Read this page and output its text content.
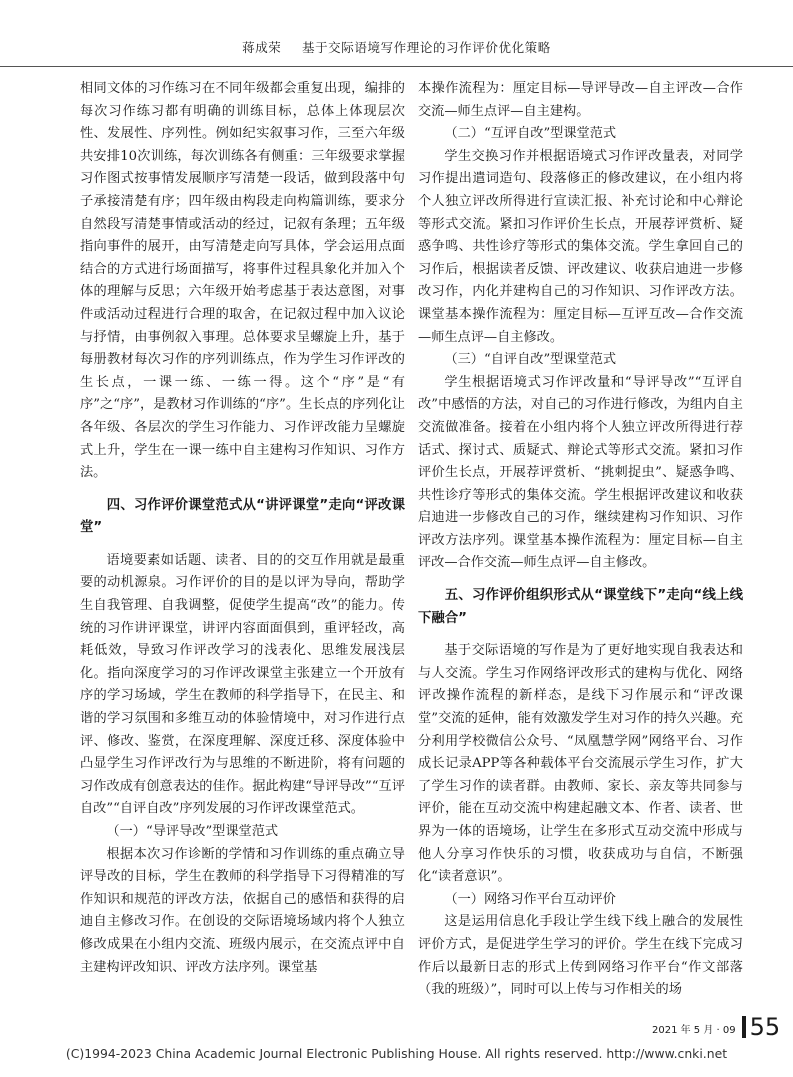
蒋成荣 基于交际语境写作理论的习作评价优化策略

相同文体的习作练习在不同年级都会重复出现，编排的每次习作练习都有明确的训练目标，总体上体现层次性、发展性、序列性。例如纪实叙事习作，三至六年级共安排10次训练，每次训练各有侧重：三年级要求掌握习作图式按事情发展顺序写清楚一段话，做到段落中句子承接清楚有序；四年级由构段走向构篇训练，要求分自然段写清楚事情或活动的经过，记叙有条理；五年级指向事件的展开，由写清楚走向写具体，学会运用点面结合的方式进行场面描写，将事件过程具象化并加入个体的理解与反思；六年级开始考虑基于表达意图，对事件或活动过程进行合理的取舍，在记叙过程中加入议论与抒情，由事例叙入事理。总体要求呈螺旋上升，基于每册教材每次习作的序列训练点，作为学生习作评改的生长点，一课一练、一练一得。这个“序”是“有序”之“序”，是教材习作训练的“序”。生长点的序列化让各年级、各层次的学生习作能力、习作评改能力呈螺旋式上升，学生在一课一练中自主建构习作知识、习作方法。

四、习作评价课堂范式从“讲评课堂”走向“评改课堂”

语境要素如话题、读者、目的的交互作用就是最重要的动机源泉。习作评价的目的是以评为导向，帮助学生自我管理、自我调整，促使学生提高“改”的能力。传统的习作讲评课堂，讲评内容面面俱到，重评轻改，高耗低效，导致习作评改学习的浅表化、思维发展浅层化。指向深度学习的习作评改课堂主张建立一个开放有序的学习场域，学生在教师的科学指导下，在民主、和谐的学习氛围和多维互动的体验情境中，对习作进行点评、修改、鉴赏，在深度理解、深度迁移、深度体验中凸显学生习作评改行为与思维的不断进阶，将有问题的习作改成有创意表达的佳作。据此构建“导评导改”“互评自改”“自评自改”序列发展的习作评改课堂范式。

（一）“导评导改”型课堂范式

根据本次习作诊断的学情和习作训练的重点确立导评导改的目标，学生在教师的科学指导下习得精准的写作知识和规范的评改方法，依据自己的感悟和获得的启迪自主修改习作。在创设的交际语境场域内将个人独立修改成果在小组内交流、班级内展示，在交流点评中自主建构评改知识、评改方法序列。课堂基

本操作流程为：厘定目标—导评导改—自主评改—合作交流—师生点评—自主建构。

（二）“互评自改”型课堂范式

学生交换习作并根据语境式习作评改量表，对同学习作提出遣词造句、段落修正的修改建议，在小组内将个人独立评改所得进行宣读汇报、补充讨论和中心辩论等形式交流。紧扣习作评价生长点，开展荐评赏析、疑惑争鸣、共性诊疗等形式的集体交流。学生拿回自己的习作后，根据读者反馈、评改建议、收获启迪进一步修改习作，内化并建构自己的习作知识、习作评改方法。课堂基本操作流程为：厘定目标—互评互改—合作交流—师生点评—自主修改。

（三）“自评自改”型课堂范式

学生根据语境式习作评改量和“导评导改”“互评自改”中感悟的方法，对自己的习作进行修改，为组内自主交流做准备。接着在小组内将个人独立评改所得进行荐话式、探讨式、质疑式、辩论式等形式交流。紧扣习作评价生长点，开展荐评赏析、“挑刺捉虫”、疑惑争鸣、共性诊疗等形式的集体交流。学生根据评改建议和收获启迪进一步修改自己的习作，继续建构习作知识、习作评改方法序列。课堂基本操作流程为：厘定目标—自主评改—合作交流—师生点评—自主修改。

五、习作评价组织形式从“课堂线下”走向“线上线下融合”

基于交际语境的写作是为了更好地实现自我表达和与人交流。学生习作网络评改形式的建构与优化、网络评改操作流程的新样态，是线下习作展示和“评改课堂”交流的延伸，能有效激发学生对习作的持久兴趣。充分利用学校微信公众号、“凤凰慧学网”网络平台、习作成长记录APP等各种载体平台交流展示学生习作，扩大了学生习作的读者群。由教师、家长、亲友等共同参与评价，能在互动交流中构建起融文本、作者、读者、世界为一体的语境场，让学生在多形式互动交流中形成与他人分享习作快乐的习惯，收获成功与自信，不断强化“读者意识”。

（一）网络习作平台互动评价

这是运用信息化手段让学生线下线上融合的发展性评价方式，是促进学生学习的评价。学生在线下完成习作后以最新日志的形式上传到网络习作平台“作文部落（我的班级）”，同时可以上传与习作相关的场

2021 年 5 月 · 09 55
(C)1994-2023 China Academic Journal Electronic Publishing House. All rights reserved. http://www.cnki.net
